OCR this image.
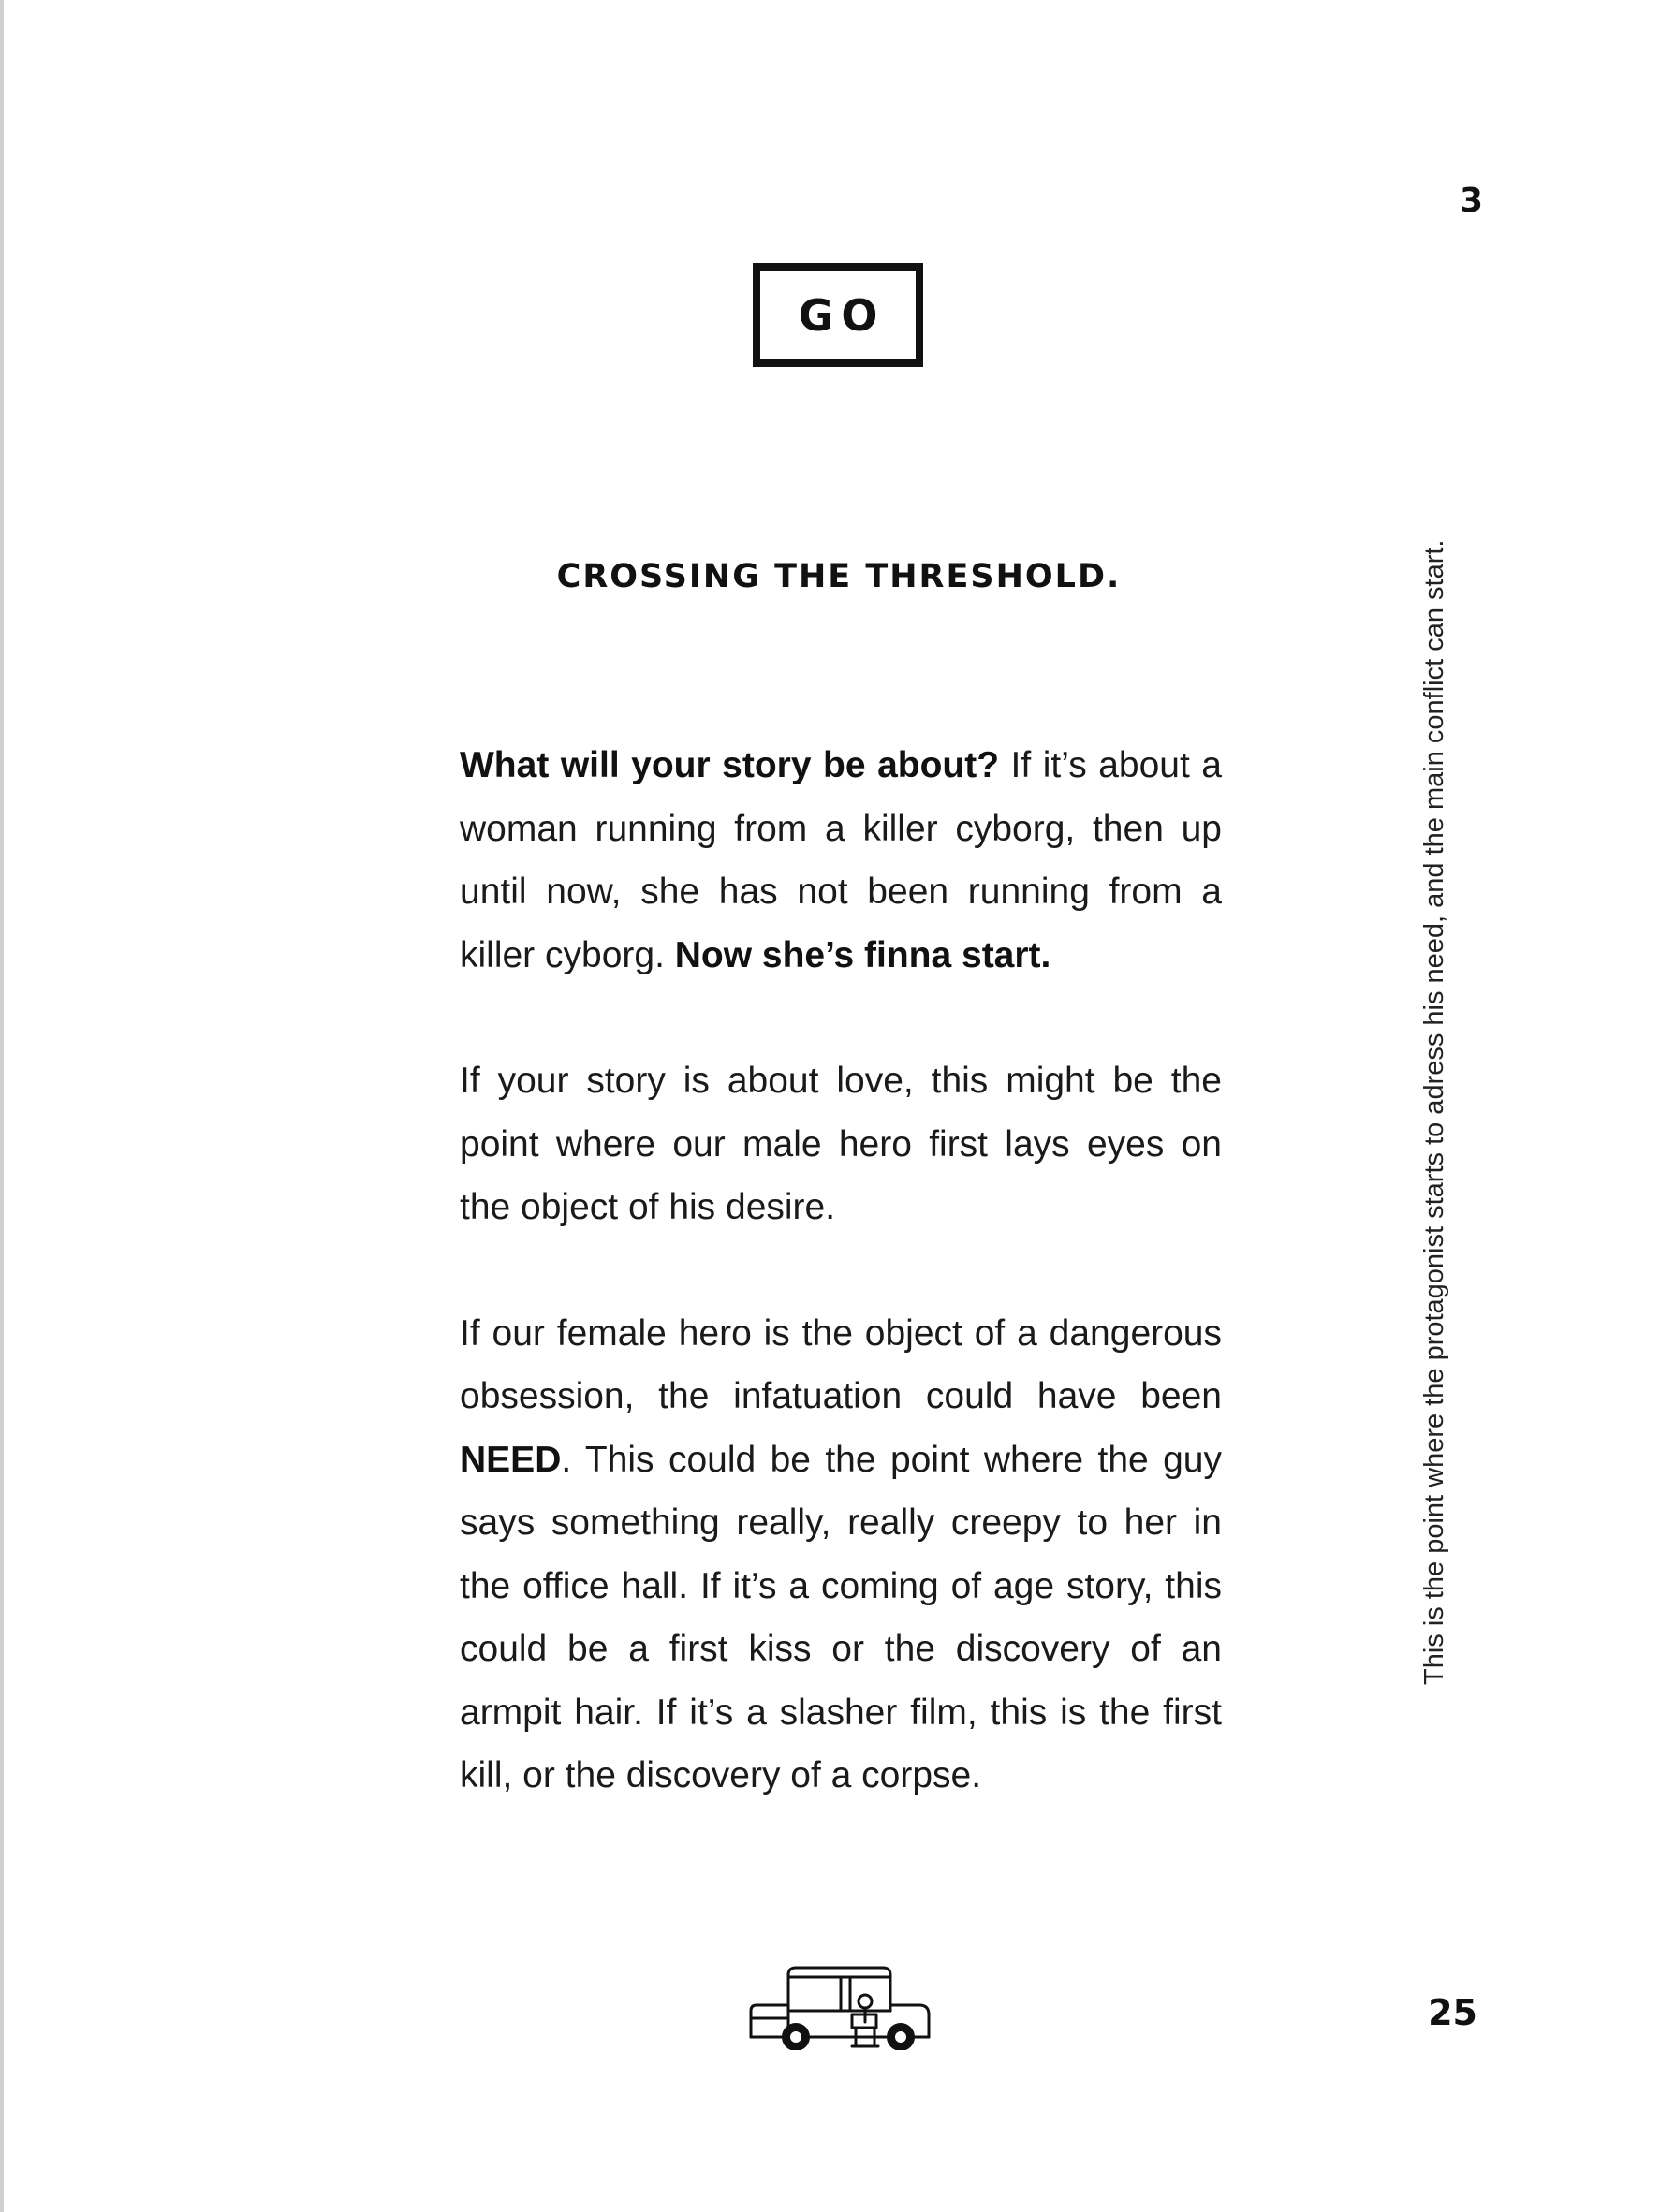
3
GO
CROSSING THE THRESHOLD.

What will your story be about? If it’s about a woman running from a killer cyborg, then up until now, she has not been running from a killer cyborg. Now she’s finna start.

If your story is about love, this might be the point where our male hero first lays eyes on the object of his desire.

If our female hero is the object of a dangerous obsession, the infatuation could have been NEED. This could be the point where the guy says something really, really creepy to her in the office hall. If it’s a coming of age story, this could be a first kiss or the discovery of an armpit hair. If it’s a slasher film, this is the first kill, or the discovery of a corpse.

This is the point where the protagonist starts to adress his need, and the main conflict can start.
25
